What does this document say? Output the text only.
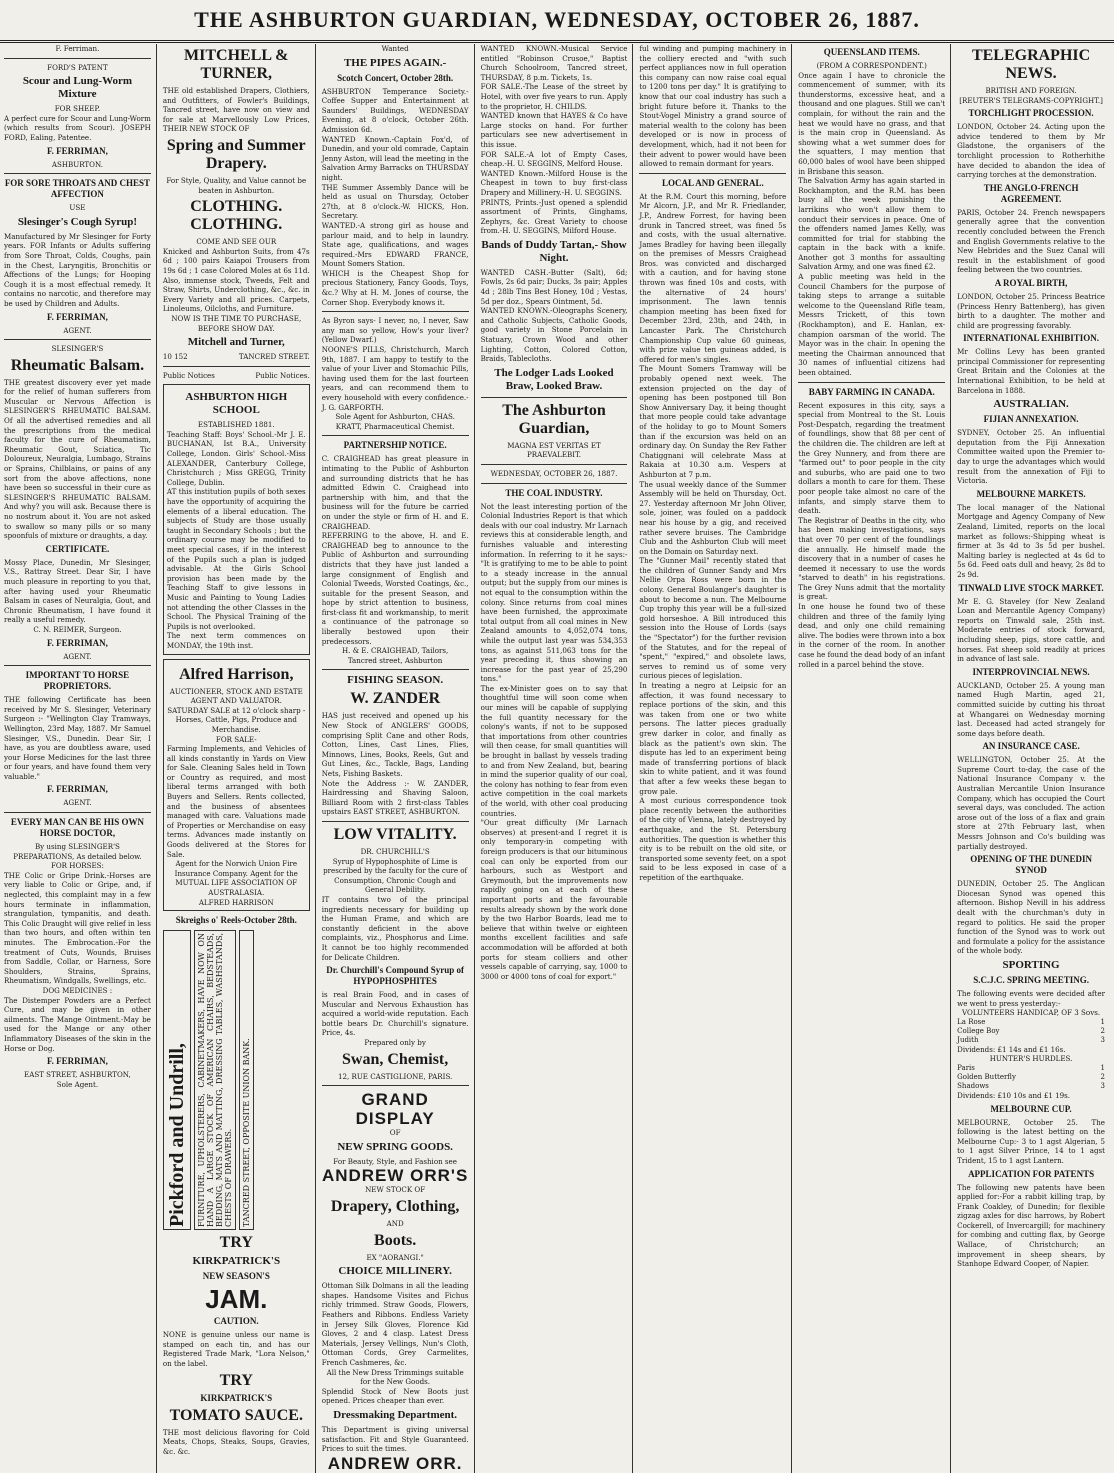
THE ASHBURTON GUARDIAN, WEDNESDAY, OCTOBER 26, 1887.
F. Ferriman.
FORD'S PATENT
Scour and Lung-Worm Mixture
FOR SHEEP.
A perfect cure for Scour and Lung-Worm (which results from Scour). JOSEPH FORD, Ealing, Patentee.
F. FERRIMAN,
ASHBURTON.
FOR SORE THROATS AND CHEST AFFECTION
USE
Slesinger's Cough Syrup!
Manufactured by Mr Slesinger for Forty years. FOR Infants or Adults suffering from Sore Throat, Colds, Coughs, pain in the Chest, Laryngitis, Bronchitis or Affections of the Lungs; for Hooping Cough it is a most effectual remedy. It contains no narcotic, and therefore may be used by Children and Adults.
F. FERRIMAN,
AGENT.
SLESINGER'S
Rheumatic Balsam.
THE greatest discovery ever yet made for the relief of human sufferers from Muscular or Nervous Affection is SLESINGER'S RHEUMATIC BALSAM. Of all the advertised remedies and all the prescriptions from the medical faculty for the cure of Rheumatism, Rheumatic Gout, Sciatica, Tic Doloureux, Neuralgia, Lumbago, Strains or Sprains, Chilblains, or pains of any sort from the above affections, none have been so successful in their cure as SLESINGER'S RHEUMATIC BALSAM. And why? you will ask. Because there is no nostrum about it. You are not asked to swallow so many pills or so many spoonfuls of mixture or draughts, a day.
CERTIFICATE.
Mossy Place, Dunedin, Mr Slesinger, V.S., Rattray Street. Dear Sir, I have much pleasure in reporting to you that, after having used your Rheumatic Balsam in cases of Neuralgia, Gout, and Chronic Rheumatism, I have found it really a useful remedy.
C. N. REIMER, Surgeon.
F. FERRIMAN,
AGENT.
IMPORTANT TO HORSE PROPRIETORS.
THE following Certificate has been received by Mr S. Slesinger, Veterinary Surgeon :- "Wellington Clay Tramways, Wellington, 23rd May, 1887. Mr Samuel Slesinger, V.S., Dunedin. Dear Sir, I have, as you are doubtless aware, used your Horse Medicines for the last three or four years, and have found them very valuable."
F. FERRIMAN,
AGENT.
EVERY MAN CAN BE HIS OWN HORSE DOCTOR,
By using SLESINGER'S PREPARATIONS, As detailed below.
FOR HORSES:
THE Colic or Gripe Drink.-Horses are very liable to Colic or Gripe, and, if neglected, this complaint may in a few hours terminate in inflammation, strangulation, tympanitis, and death. This Colic Draught will give relief in less than two hours, and often within ten minutes. The Embrocation.-For the treatment of Cuts, Wounds, Bruises from Saddle, Collar, or Harness, Sore Shoulders, Strains, Sprains, Rheumatism, Windgalls, Swellings, etc.
DOG MEDICINES :
The Distemper Powders are a Perfect Cure, and may be given in other ailments. The Mange Ointment.-May be used for the Mange or any other Inflammatory Diseases of the skin in the Horse or Dog.
F. FERRIMAN,
EAST STREET, ASHBURTON,
Sole Agent.
MITCHELL & TURNER,
THE old established Drapers, Clothiers, and Outfitters, of Fowler's Buildings, Tancred street, have now on view and for sale at Marvellously Low Prices, THEIR NEW STOCK OF
Spring and Summer Drapery.
For Style, Quality, and Value cannot be beaten in Ashburton.
CLOTHING. CLOTHING.
COME AND SEE OUR
Knicked and Ashburton Suits, from 47s 6d ; 100 pairs Kaiapoi Trousers from 19s 6d ; 1 case Colored Moles at 6s 11d. Also, immense stock, Tweeds, Felt and Straw, Shirts, Underclothing, &c., &c. in Every Variety and all prices. Carpets, Linoleums, Oilcloths, and Furniture.
NOW IS THE TIME TO PURCHASE, BEFORE SHOW DAY.
Mitchell and Turner,
10 152	TANCRED STREET.
Public Notices	Public Notices.
ASHBURTON HIGH SCHOOL
ESTABLISHED 1881.
Teaching Staff: Boys' School.-Mr J. E. BUCHANAN, Ist B.A., University College, London. Girls' School.-Miss ALEXANDER, Canterbury College, Christchurch ; Miss GREGG, Trinity College, Dublin.
AT this institution pupils of both sexes have the opportunity of acquiring the elements of a liberal education. The subjects of Study are those usually taught in Secondary Schools ; but the ordinary course may be modified to meet special cases, if in the interest of the Pupils such a plan is judged advisable. At the Girls School provision has been made by the Teaching Staff to give lessons in Music and Painting to Young Ladies not attending the other Classes in the School. The Physical Training of the Pupils is not overlooked.
The next term commences on MONDAY, the 19th inst.
Alfred Harrison,
AUCTIONEER, STOCK AND ESTATE AGENT AND VALUATOR.
SATURDAY SALE at 12 o'clock sharp -Horses, Cattle, Pigs, Produce and Merchandise.
FOR SALE-
Farming Implements, and Vehicles of all kinds constantly in Yards on View for Sale. Cleaning Sales held in Town or Country as required, and most liberal terms arranged with both Buyers and Sellers. Rents collected, and the business of absentees managed with care. Valuations made of Properties or Merchandise on easy terms. Advances made instantly on Goods delivered at the Stores for Sale.
Agent for the Norwich Union Fire Insurance Company. Agent for the MUTUAL LIFE ASSOCIATION OF AUSTRALASIA.
ALFRED HARRISON
Skreighs o' Reels-October 28th.
Pickford and Undrill,	FURNITURE, UPHOLSTERERS, CABINETMAKERS, HAVE NOW ON HAND A LARGE STOCK OF AMERICAN CHAIRS, BEDSTEADS, BEDDING, MATS AND MATTING, DRESSING TABLES, WASHSTANDS, CHESTS OF DRAWERS.	TANCRED STREET, OPPOSITE UNION BANK.
TRY
KIRKPATRICK'S
NEW SEASON'S
JAM.
CAUTION.
NONE is genuine unless our name is stamped on each tin, and has our Registered Trade Mark, "Lora Nelson," on the label.
TRY
KIRKPATRICK'S
TOMATO SAUCE.
THE most delicious flavoring for Cold Meats, Chops, Steaks, Soups, Gravies, &c. &c.
Wanted
THE PIPES AGAIN.-
Scotch Concert, October 28th.
ASHBURTON Temperance Society.-Coffee Supper and Entertainment at Saunders' Buildings, WEDNESDAY Evening, at 8 o'clock, October 26th. Admission 6d.
WANTED Known.-Captain Fox'd, of Dunedin, and your old comrade, Captain Jenny Aston, will lead the meeting in the Salvation Army Barracks on THURSDAY night.
THE Summer Assembly Dance will be held as usual on Thursday, October 27th, at 8 o'clock.-W. HICKS, Hon. Secretary.
WANTED.-A strong girl as house and parlour maid, and to help in laundry. State age, qualifications, and wages required.-Mrs EDWARD FRANCE, Mount Somers Station.
WHICH is the Cheapest Shop for precious Stationery, Fancy Goods, Toys, &c.? Why at H. M. Jones of course, the Corner Shop. Everybody knows it.
As Byron says- I never, no, I never, Saw any man so yellow, How's your liver? (Yellow Dwarf.)
NOONE'S PILLS, Christchurch, March 9th, 1887. I am happy to testify to the value of your Liver and Stomachic Pills, having used them for the last fourteen years, and can recommend them to every household with every confidence.-J. G. GARFORTH.
Sole Agent for Ashburton, CHAS. KRATT, Pharmaceutical Chemist.
PARTNERSHIP NOTICE.
C. CRAIGHEAD has great pleasure in intimating to the Public of Ashburton and surrounding districts that he has admitted Edwin C. Craighead into partnership with him, and that the business will for the future be carried on under the style or firm of H. and E. CRAIGHEAD.
REFERRING to the above, H. and E. CRAIGHEAD beg to announce to the Public of Ashburton and surrounding districts that they have just landed a large consignment of English and Colonial Tweeds, Worsted Coatings, &c., suitable for the present Season, and hope by strict attention to business, first-class fit and workmanship, to merit a continuance of the patronage so liberally bestowed upon their predecessors.
H. & E. CRAIGHEAD, Tailors,
Tancred street, Ashburton
FISHING SEASON.
W. ZANDER
HAS just received and opened up his New Stock of ANGLERS' GOODS, comprising Split Cane and other Rods, Cotton, Lines, Cast Lines, Flies, Minnows, Lines, Books, Reels, Gut and Gut Lines, &c., Tackle, Bags, Landing Nets, Fishing Baskets.
Note the Address :- W. ZANDER, Hairdressing and Shaving Saloon, Billiard Room with 2 first-class Tables upstairs EAST STREET, ASHBURTON.
LOW VITALITY.
DR. CHURCHILL'S
Syrup of Hypophosphite of Lime is prescribed by the faculty for the cure of Consumption, Chronic Cough and General Debility.
IT contains two of the principal ingredients necessary for building up the Human Frame, and which are constantly deficient in the above complaints, viz., Phosphorus and Lime. It cannot be too highly recommended for Delicate Children.
Dr. Churchill's Compound Syrup of HYPOPHOSPHITES
is real Brain Food, and in cases of Muscular and Nervous Exhaustion has acquired a world-wide reputation. Each bottle bears Dr. Churchill's signature. Price, 4s.
Prepared only by
Swan, Chemist,
12, RUE CASTIGLIONE, PARIS.
GRAND DISPLAY
OF
NEW SPRING GOODS.
For Beauty, Style, and Fashion see
ANDREW ORR'S
NEW STOCK OF
Drapery, Clothing,
AND
Boots.
EX "AORANGI."
CHOICE MILLINERY.
Ottoman Silk Dolmans in all the leading shapes. Handsome Visites and Fichus richly trimmed. Straw Goods, Flowers, Feathers and Ribbons. Endless Variety in Jersey Silk Gloves, Florence Kid Gloves, 2 and 4 clasp. Latest Dress Materials, Jersey Vellings, Nun's Cloth, Ottoman Cords, Grey Carmelites, French Cashmeres, &c.
All the New Dress Trimmings suitable for the New Goods.
Splendid Stock of New Boots just opened. Prices cheaper than ever.
Dressmaking Department.
This Department is giving universal satisfaction. Fit and Style Guaranteed. Prices to suit the times.
ANDREW ORR.
WANTED KNOWN.-Musical Service entitled "Robinson Crusoe," Baptist Church Schoolroom, Tancred street, THURSDAY, 8 p.m. Tickets, 1s.
FOR SALE.-The Lease of the street by Hotel, with over five years to run. Apply to the proprietor, H. CHILDS.
WANTED known that HAYES & Co have Large stocks on hand. For further particulars see new advertisement in this issue.
FOR SALE.-A lot of Empty Cases, cheap.-H. U. SEGGINS, Melford House.
WANTED Known.-Milford House is the Cheapest in town to buy first-class Drapery and Millinery.-H. U. SEGGINS.
PRINTS, Prints.-Just opened a splendid assortment of Prints, Ginghams, Zephyrs, &c. Great Variety to choose from.-H. U. SEGGINS, Milford House.
Bands of Duddy Tartan,- Show Night.
WANTED CASH.-Butter (Salt), 6d; Fowls, 2s 6d pair; Ducks, 3s pair; Apples 4d ; 28lb Tins Best Honey, 10d ; Vestas, 5d per doz., Spears Ointment, 5d.
WANTED KNOWN.-Oleographs Scenery, and Catholic Subjects, Catholic Goods, good variety in Stone Porcelain in Statuary, Crown Wood and other Lighting, Cotton, Colored Cotton, Braids, Tablecloths.
The Lodger Lads Looked Braw, Looked Braw.
The Ashburton Guardian,
MAGNA EST VERITAS ET PRAEVALEBIT.
WEDNESDAY, OCTOBER 26, 1887.
THE COAL INDUSTRY.
Not the least interesting portion of the Colonial Industries Report is that which deals with our coal industry. Mr Larnach reviews this at considerable length, and furnishes valuable and interesting information. In referring to it he says:- "It is gratifying to me to be able to point to a steady increase in the annual output; but the supply from our mines is not equal to the consumption within the colony. Since returns from coal mines have been furnished, the approximate total output from all coal mines in New Zealand amounts to 4,052,074 tons, while the output last year was 534,353 tons, as against 511,063 tons for the year preceding it, thus showing an increase for the past year of 25,290 tons."
The ex-Minister goes on to say that thoughtful time will soon come when our mines will be capable of supplying the full quantity necessary for the colony's wants, if not to be supposed that importations from other countries will then cease, for small quantities will be brought in ballast by vessels trading to and from New Zealand, but, bearing in mind the superior quality of our coal, the colony has nothing to fear from even active competition in the coal markets of the world, with other coal producing countries.
"Our great difficulty (Mr Larnach observes) at present-and I regret it is only temporary-in competing with foreign producers is that our bituminous coal can only be exported from our harbours, such as Westport and Greymouth, but the improvements now rapidly going on at each of these important ports and the favourable results already shown by the work done by the two Harbor Boards, lead me to believe that within twelve or eighteen months excellent facilities and safe accommodation will be afforded at both ports for steam colliers and other vessels capable of carrying, say, 1000 to 3000 or 4000 tons of coal for export."
ful winding and pumping machinery in the colliery erected and "with such perfect appliances now in full operation this company can now raise coal equal to 1200 tons per day." It is gratifying to know that our coal industry has such a bright future before it. Thanks to the Stout-Vogel Ministry a grand source of material wealth to the colony has been developed or is now in process of development, which, had it not been for their advent to power would have been allowed to remain dormant for years.
LOCAL AND GENERAL.
At the R.M. Court this morning, before Mr Alcorn, J.P., and Mr R. Friedlander, J.P., Andrew Forrest, for having been drunk in Tancred street, was fined 5s and costs, with the usual alternative. James Bradley for having been illegally on the premises of Messrs Craighead Bros. was convicted and discharged with a caution, and for having stone thrown was fined 10s and costs, with the alternative of 24 hours' imprisonment. The lawn tennis champion meeting has been fixed for December 23rd, 23th, and 24th, in Lancaster Park. The Christchurch Championship Cup value 60 guineas, with prize value ten guineas added, is offered for men's singles.
The Mount Somers Tramway will be probably opened next week. The extension projected on the day of opening has been postponed till Bon Show Anniversary Day, it being thought that more people could take advantage of the holiday to go to Mount Somers than if the excursion was held on an ordinary day. On Sunday the Rev Father Chatiggnani will celebrate Mass at Rakaia at 10.30 a.m. Vespers at Ashburton at 7 p.m.
The usual weekly dance of the Summer Assembly will be held on Thursday, Oct. 27. Yesterday afternoon Mr John Oliver, sole, joiner, was fouled on a paddock near his house by a gig, and received rather severe bruises. The Cambridge Club and the Ashburton Club will meet on the Domain on Saturday next.
The "Gunner Mail" recently stated that the children of Gunner Sandy and Mrs Nellie Orpa Ross were born in the colony. General Boulanger's daughter is about to become a nun. The Melbourne Cup trophy this year will be a full-sized gold horseshoe. A Bill introduced this session into the House of Lords (says the "Spectator") for the further revision of the Statutes, and for the repeal of "spent," "expired," and obsolete laws, serves to remind us of some very curious pieces of legislation.
In treating a negro at Leipsic for an affection, it was found necessary to replace portions of the skin, and this was taken from one or two white persons. The latter pieces gradually grew darker in color, and finally as black as the patient's own skin. The dispute has led to an experiment being made of transferring portions of black skin to white patient, and it was found that after a few weeks these began to grow pale.
A most curious correspondence took place recently between the authorities of the city of Vienna, lately destroyed by earthquake, and the St. Petersburg authorities. The question is whether this city is to be rebuilt on the old site, or transported some seventy feet, on a spot said to be less exposed in case of a repetition of the earthquake.
QUEENSLAND ITEMS.
(FROM A CORRESPONDENT.)
Once again I have to chronicle the commencement of summer, with its thunderstorms, excessive heat, and a thousand and one plagues. Still we can't complain, for without the rain and the heat we would have no grass, and that is the main crop in Queensland. As showing what a wet summer does for the squatters, I may mention that 60,000 bales of wool have been shipped in Brisbane this season.
The Salvation Army has again started in Rockhampton, and the R.M. has been busy all the week punishing the larrikins who won't allow them to conduct their services in peace. One of the offenders named James Kelly, was committed for trial for stabbing the captain in the back with a knife. Another got 3 months for assaulting Salvation Army, and one was fined £2.
A public meeting was held in the Council Chambers for the purpose of taking steps to arrange a suitable welcome to the Queensland Rifle team, Messrs Trickett, of this town (Rockhampton), and E. Hanlan, ex-champion oarsman of the world. The Mayor was in the chair. In opening the meeting the Chairman announced that 30 names of influential citizens had been obtained.
BABY FARMING IN CANADA.
Recent exposures in this city, says a special from Montreal to the St. Louis Post-Despatch, regarding the treatment of foundlings, show that 88 per cent of the children die. The children are left at the Grey Nunnery, and from there are "farmed out" to poor people in the city and suburbs, who are paid one to two dollars a month to care for them. These poor people take almost no care of the infants, and simply starve them to death.
The Registrar of Deaths in the city, who has been making investigations, says that over 70 per cent of the foundlings die annually. He himself made the discovery that in a number of cases he deemed it necessary to use the words "starved to death" in his registrations. The Grey Nuns admit that the mortality is great.
In one house he found two of these children and three of the family lying dead, and only one child remaining alive. The bodies were thrown into a box in the corner of the room. In another case he found the dead body of an infant rolled in a parcel behind the stove.
TELEGRAPHIC NEWS.
BRITISH AND FOREIGN.
[REUTER'S TELEGRAMS-COPYRIGHT.]
TORCHLIGHT PROCESSION.
LONDON, October 24. Acting upon the advice tendered to them by Mr Gladstone, the organisers of the torchlight procession to Rotherhithe have decided to abandon the idea of carrying torches at the demonstration.
THE ANGLO-FRENCH AGREEMENT.
PARIS, October 24. French newspapers generally agree that the convention recently concluded between the French and English Governments relative to the New Hebrides and the Suez Canal will result in the establishment of good feeling between the two countries.
A ROYAL BIRTH,
LONDON, October 25. Princess Beatrice (Princess Henry Battenberg), has given birth to a daughter. The mother and child are progressing favorably.
INTERNATIONAL EXHIBITION.
Mr Collins Levy has been granted principal Commissioner for representing Great Britain and the Colonies at the International Exhibition, to be held at Barcelona in 1888.
AUSTRALIAN.
FIJIAN ANNEXATION.
SYDNEY, October 25. An influential deputation from the Fiji Annexation Committee waited upon the Premier to-day to urge the advantages which would result from the annexation of Fiji to Victoria.
MELBOURNE MARKETS.
The local manager of the National Mortgage and Agency Company of New Zealand, Limited, reports on the local market as follows:-Shipping wheat is firmer at 3s 4d to 3s 5d per bushel. Malting barley is neglected at 4s 6d to 5s 6d. Feed oats dull and heavy, 2s 8d to 2s 9d.
TINWALD LIVE STOCK MARKET.
Mr E. G. Staveley (for New Zealand Loan and Mercantile Agency Company) reports on Tinwald sale, 25th inst. Moderate entries of stock forward, including sheep, pigs, store cattle, and horses. Fat sheep sold readily at prices in advance of last sale.
INTERPROVINCIAL NEWS.
AUCKLAND, October 25. A young man named Hugh Martin, aged 21, committed suicide by cutting his throat at Whangarei on Wednesday morning last. Deceased had acted strangely for some days before death.
AN INSURANCE CASE.
WELLINGTON, October 25. At the Supreme Court to-day, the case of the National Insurance Company v. the Australian Mercantile Union Insurance Company, which has occupied the Court several days, was concluded. The action arose out of the loss of a flax and grain store at 27th February last, when Messrs Johnson and Co's building was partially destroyed.
OPENING OF THE DUNEDIN SYNOD
DUNEDIN, October 25. The Anglican Diocesan Synod was opened this afternoon. Bishop Nevill in his address dealt with the churchman's duty in regard to politics. He said the proper function of the Synod was to work out and formulate a policy for the assistance of the whole body.
SPORTING
S.C.J.C. SPRING MEETING.
The following events were decided after we went to press yesterday:-
VOLUNTEERS HANDICAP, OF 3 Sovs.
La Rose	1
College Boy	2
Judith	3
Dividends: £1 14s and £1 16s.
HUNTER'S HURDLES.
Paris	1
Golden Butterfly	2
Shadows	3
Dividends: £10 10s and £1 19s.
MELBOURNE CUP.
MELBOURNE, October 25. The following is the latest betting on the Melbourne Cup:- 3 to 1 agst Algerian, 5 to 1 agst Silver Prince, 14 to 1 agst Trident, 15 to 1 agst Lantern.
APPLICATION FOR PATENTS
The following new patents have been applied for:-For a rabbit killing trap, by Frank Coakley, of Dunedin; for flexible zigzag axles for disc harrows, by Robert Cockerell, of Invercargill; for machinery for combing and cutting flax, by George Wallace, of Christchurch; an improvement in sheep shears, by Stanhope Edward Cooper, of Napier.
